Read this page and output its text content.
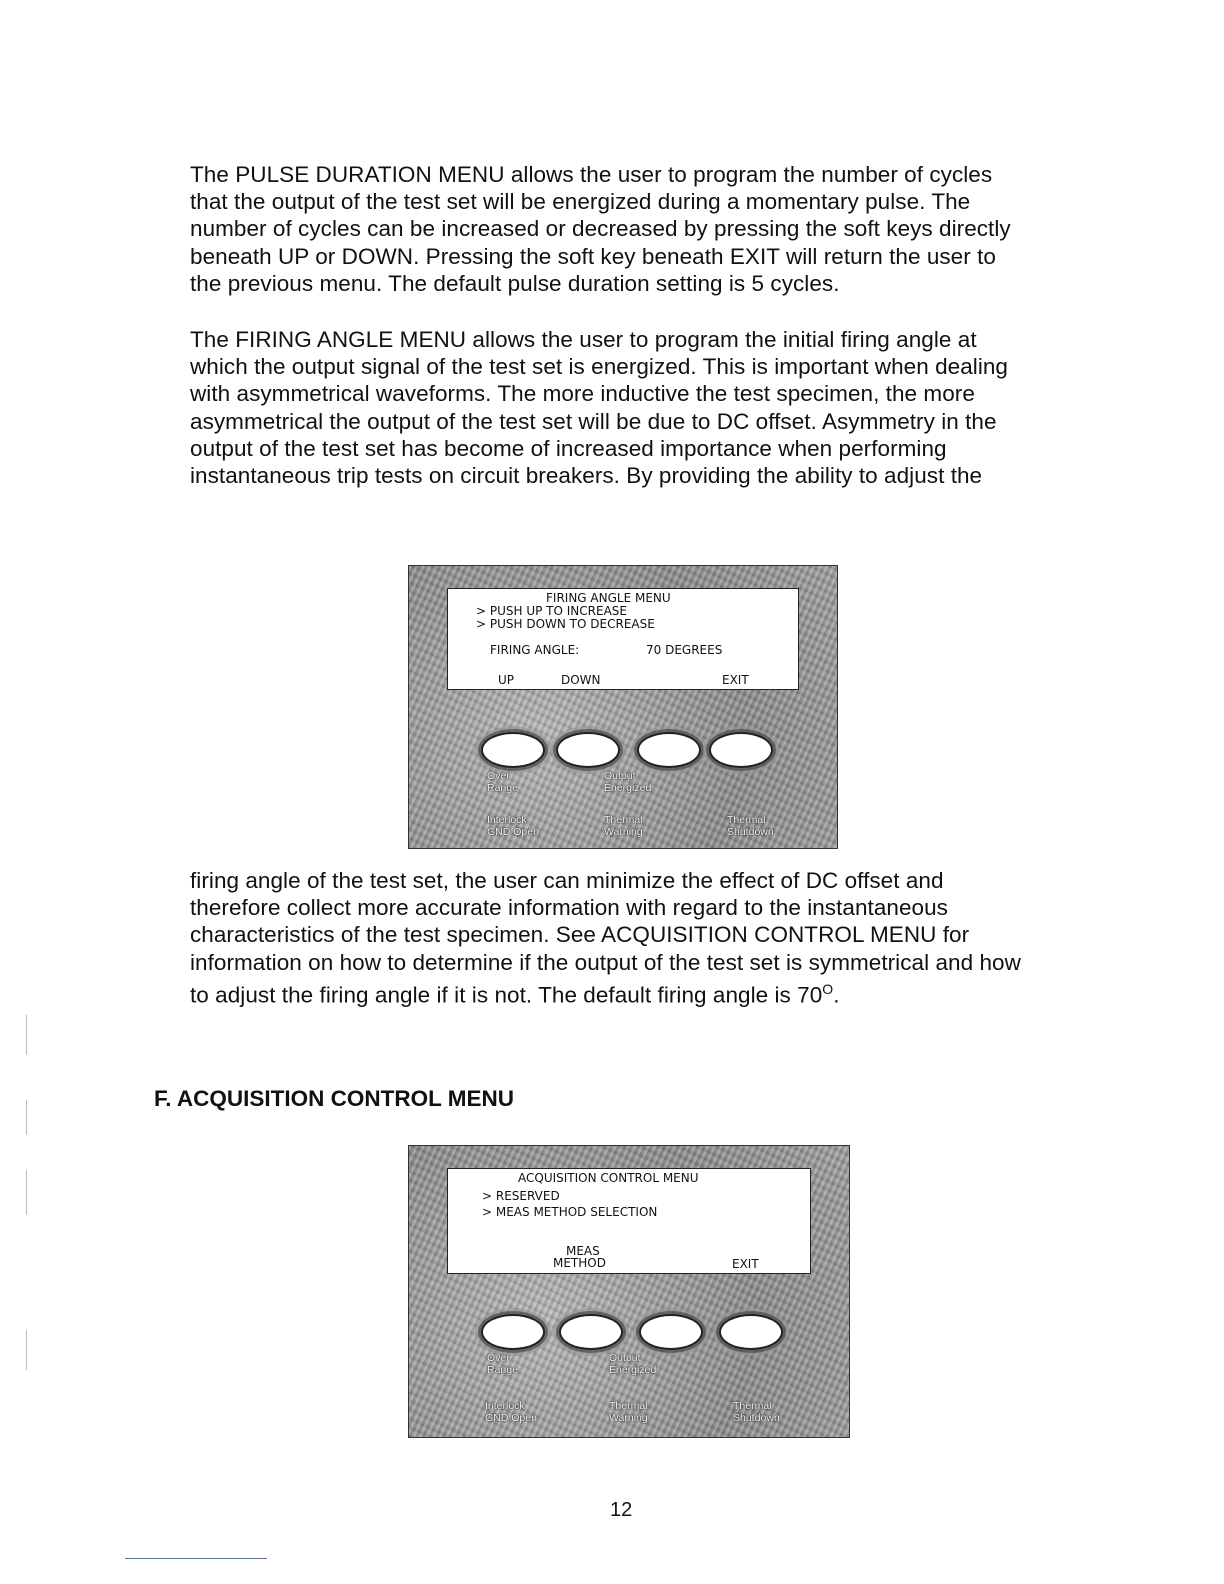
The PULSE DURATION MENU allows the user to program the number of cycles
that the output of the test set will be energized during a momentary pulse. The
number of cycles can be increased or decreased by pressing the soft keys directly
beneath UP or DOWN. Pressing the soft key beneath EXIT will return the user to
the previous menu. The default pulse duration setting is 5 cycles.

The FIRING ANGLE MENU allows the user to program the initial firing angle at
which the output signal of the test set is energized. This is important when dealing
with asymmetrical waveforms. The more inductive the test specimen, the more
asymmetrical the output of the test set will be due to DC offset. Asymmetry in the
output of the test set has become of increased importance when performing
instantaneous trip tests on circuit breakers. By providing the ability to adjust the

FIRING ANGLE MENU
> PUSH UP TO INCREASE
> PUSH DOWN TO DECREASE
FIRING ANGLE:	70 DEGREES
UP	DOWN	EXIT
Over
Range
Output
Energized
Interlock
GND Open
Thermal
Warning
Thermal
Shutdown

firing angle of the test set, the user can minimize the effect of DC offset and
therefore collect more accurate information with regard to the instantaneous
characteristics of the test specimen. See ACQUISITION CONTROL MENU for
information on how to determine if the output of the test set is symmetrical and how
to adjust the firing angle if it is not. The default firing angle is $70^O$.

F. ACQUISITION CONTROL MENU
ACQUISITION CONTROL MENU
> RESERVED
> MEAS METHOD SELECTION
MEAS
METHOD	EXIT
Over
Range
Output
Energized
Interlock
GND Open
Thermal
Warning
Thermal
Shutdown
12
